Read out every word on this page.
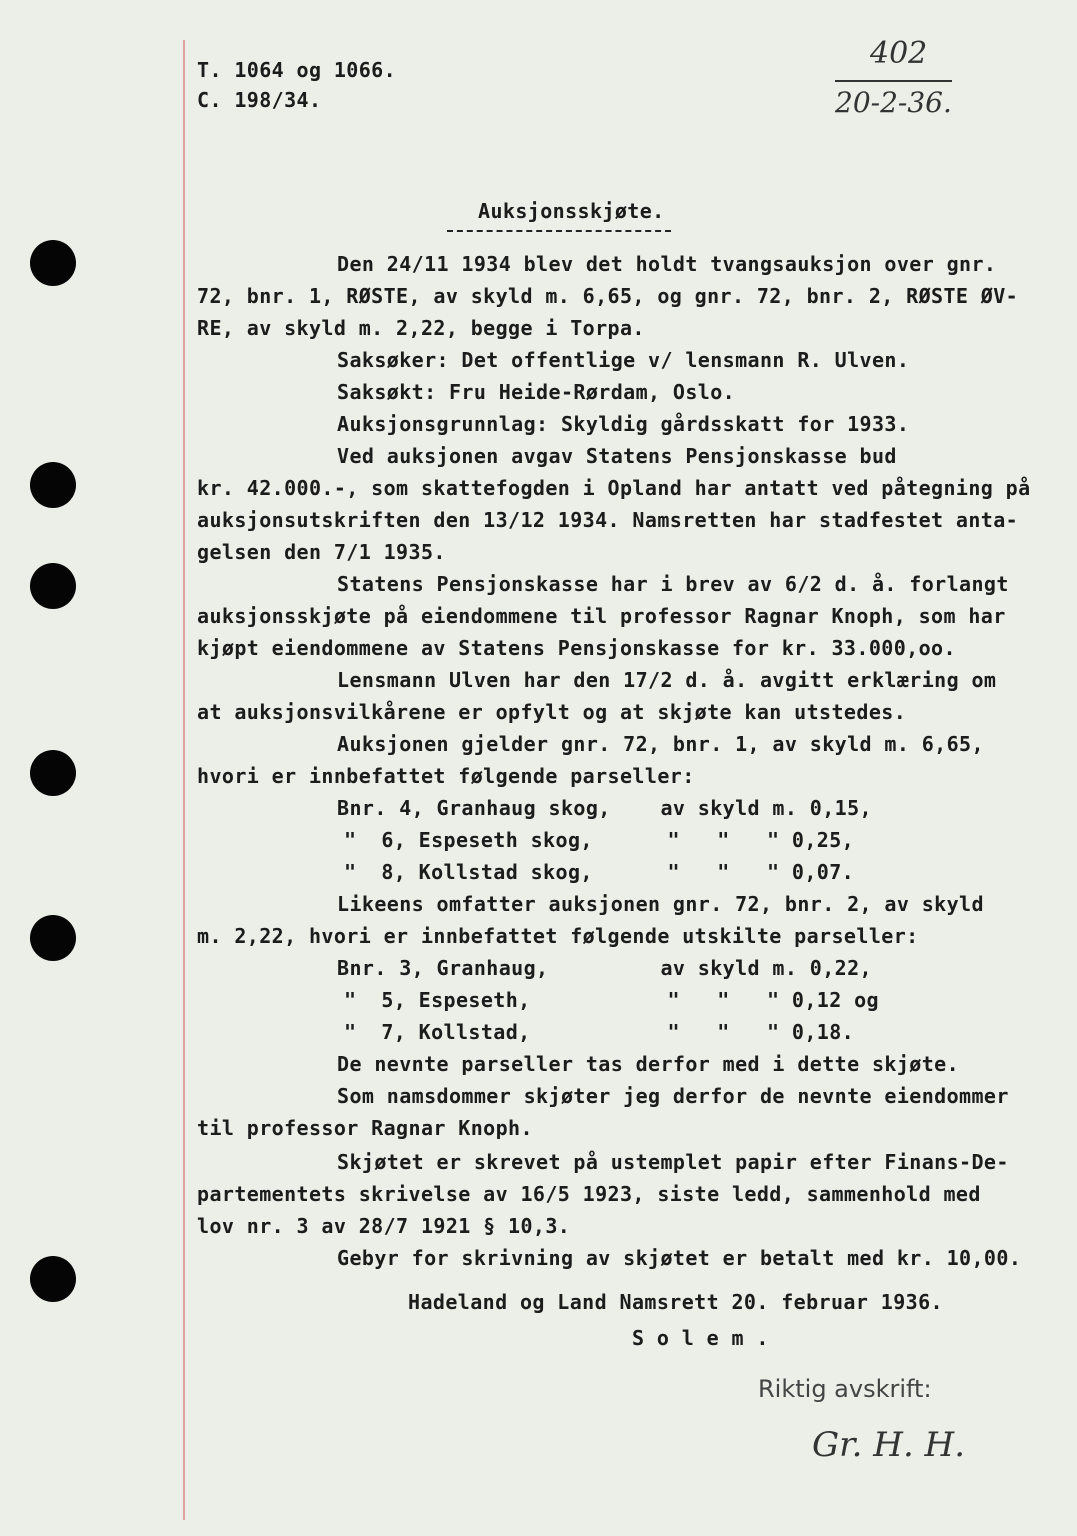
T. 1064 og 1066.
C. 198/34.
402
20-2-36.
Auksjonsskjøte.
Den 24/11 1934 blev det holdt tvangsauksjon over gnr.
72, bnr. 1, RØSTE, av skyld m. 6,65, og gnr. 72, bnr. 2, RØSTE ØV-
RE, av skyld m. 2,22, begge i Torpa.
Saksøker: Det offentlige v/ lensmann R. Ulven.
Saksøkt: Fru Heide-Rørdam, Oslo.
Auksjonsgrunnlag: Skyldig gårdsskatt for 1933.
Ved auksjonen avgav Statens Pensjonskasse bud
kr. 42.000.-, som skattefogden i Opland har antatt ved påtegning på
auksjonsutskriften den 13/12 1934. Namsretten har stadfestet anta-
gelsen den 7/1 1935.
Statens Pensjonskasse har i brev av 6/2 d. å. forlangt
auksjonsskjøte på eiendommene til professor Ragnar Knoph, som har
kjøpt eiendommene av Statens Pensjonskasse for kr. 33.000,oo.
Lensmann Ulven har den 17/2 d. å. avgitt erklæring om
at auksjonsvilkårene er opfylt og at skjøte kan utstedes.
Auksjonen gjelder gnr. 72, bnr. 1, av skyld m. 6,65,
hvori er innbefattet følgende parseller:
Bnr. 4, Granhaug skog,    av skyld m. 0,15,
"  6, Espeseth skog,      "   "   " 0,25,
"  8, Kollstad skog,      "   "   " 0,07.
Likeens omfatter auksjonen gnr. 72, bnr. 2, av skyld
m. 2,22, hvori er innbefattet følgende utskilte parseller:
Bnr. 3, Granhaug,         av skyld m. 0,22,
"  5, Espeseth,           "   "   " 0,12 og
"  7, Kollstad,           "   "   " 0,18.
De nevnte parseller tas derfor med i dette skjøte.
Som namsdommer skjøter jeg derfor de nevnte eiendommer
til professor Ragnar Knoph.
Skjøtet er skrevet på ustemplet papir efter Finans-De-
partementets skrivelse av 16/5 1923, siste ledd, sammenhold med
lov nr. 3 av 28/7 1921 § 10,3.
Gebyr for skrivning av skjøtet er betalt med kr. 10,00.
Hadeland og Land Namsrett 20. februar 1936.
S o l e m .
Riktig avskrift:
Gr. H. H.
